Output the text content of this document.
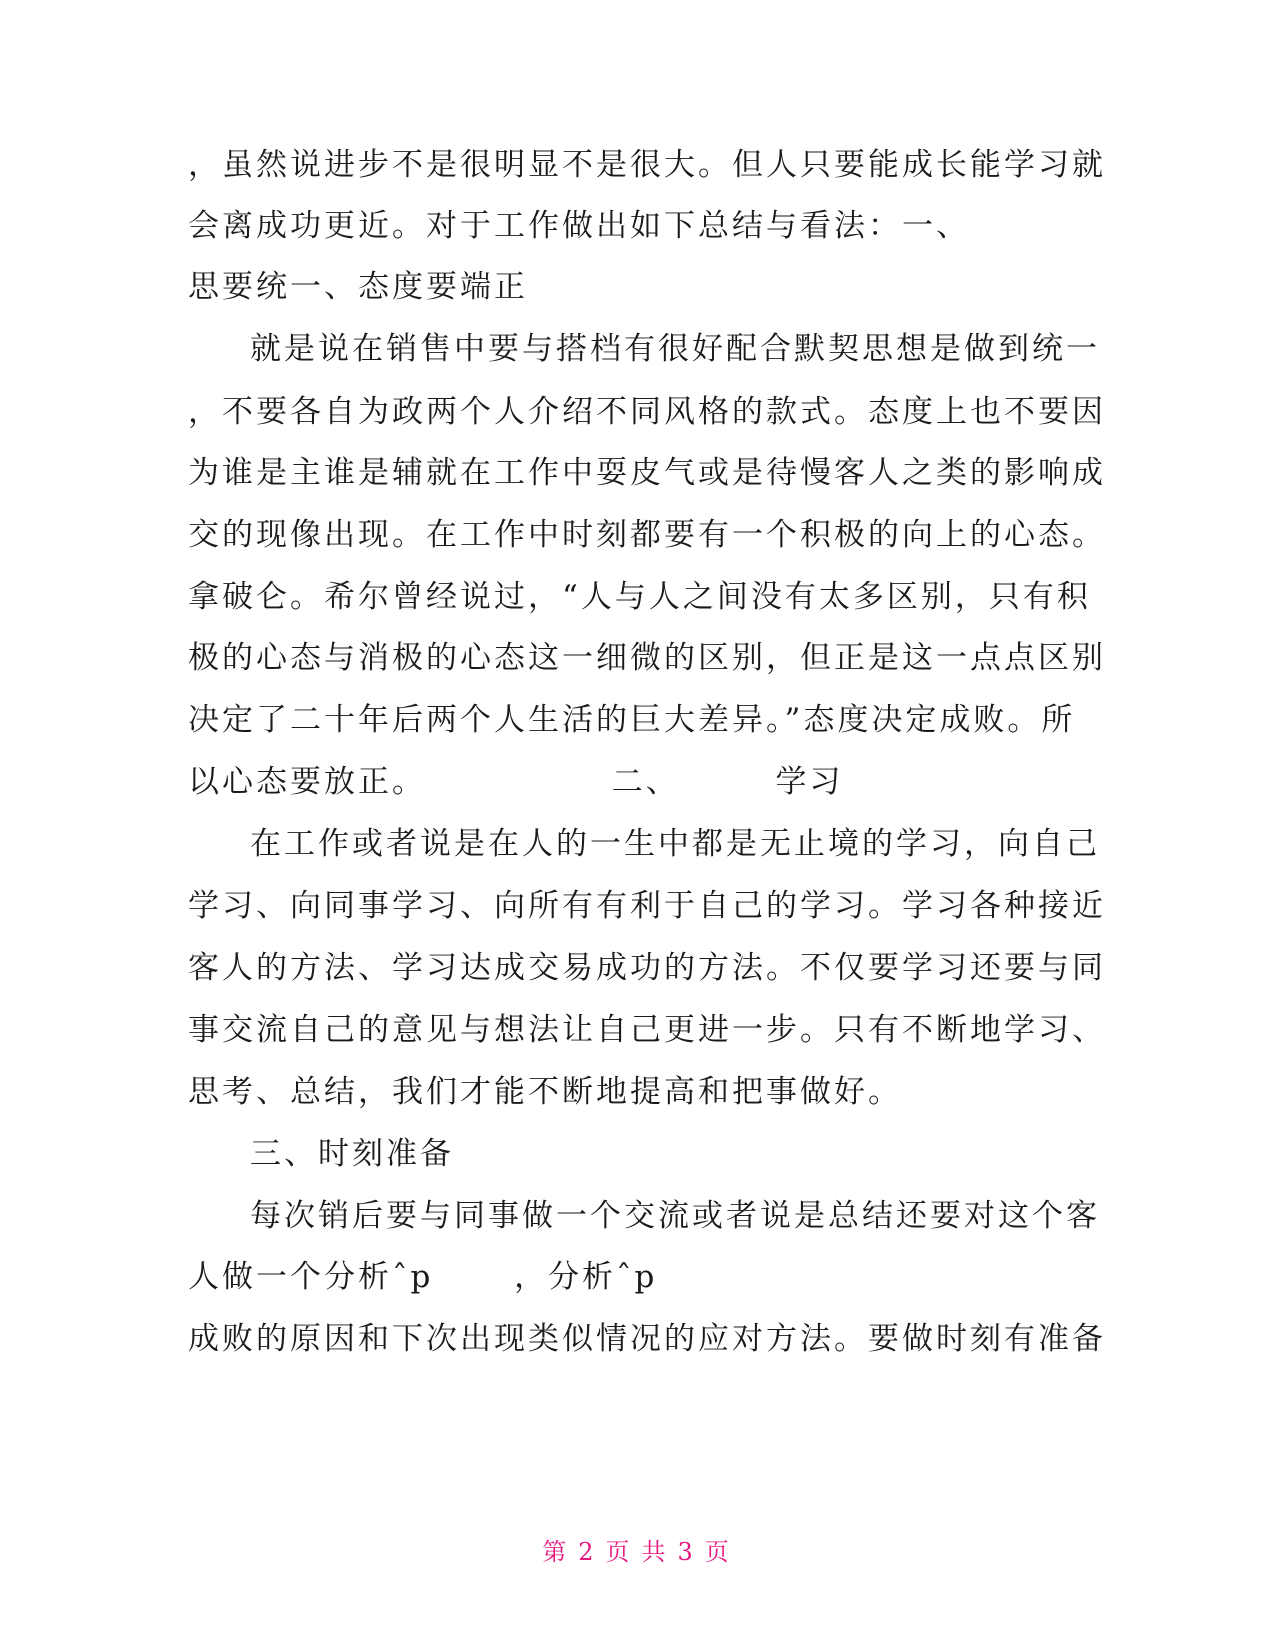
，虽然说进步不是很明显不是很大。但人只要能成长能学习就
会离成功更近。对于工作做出如下总结与看法：一、
思要统一、态度要端正
就是说在销售中要与搭档有很好配合默契思想是做到统一
，不要各自为政两个人介绍不同风格的款式。态度上也不要因
为谁是主谁是辅就在工作中耍皮气或是待慢客人之类的影响成
交的现像出现。在工作中时刻都要有一个积极的向上的心态。
拿破仑。希尔曾经说过，“人与人之间没有太多区别，只有积
极的心态与消极的心态这一细微的区别，但正是这一点点区别
决定了二十年后两个人生活的巨大差异。”态度决定成败。所
以心态要放正。	二、	学习
在工作或者说是在人的一生中都是无止境的学习，向自己
学习、向同事学习、向所有有利于自己的学习。学习各种接近
客人的方法、学习达成交易成功的方法。不仅要学习还要与同
事交流自己的意见与想法让自己更进一步。只有不断地学习、
思考、总结，我们才能不断地提高和把事做好。
三、时刻准备
每次销后要与同事做一个交流或者说是总结还要对这个客
人做一个分析ˆp	，分析ˆp
成败的原因和下次出现类似情况的应对方法。要做时刻有准备
第 2 页 共 3 页
